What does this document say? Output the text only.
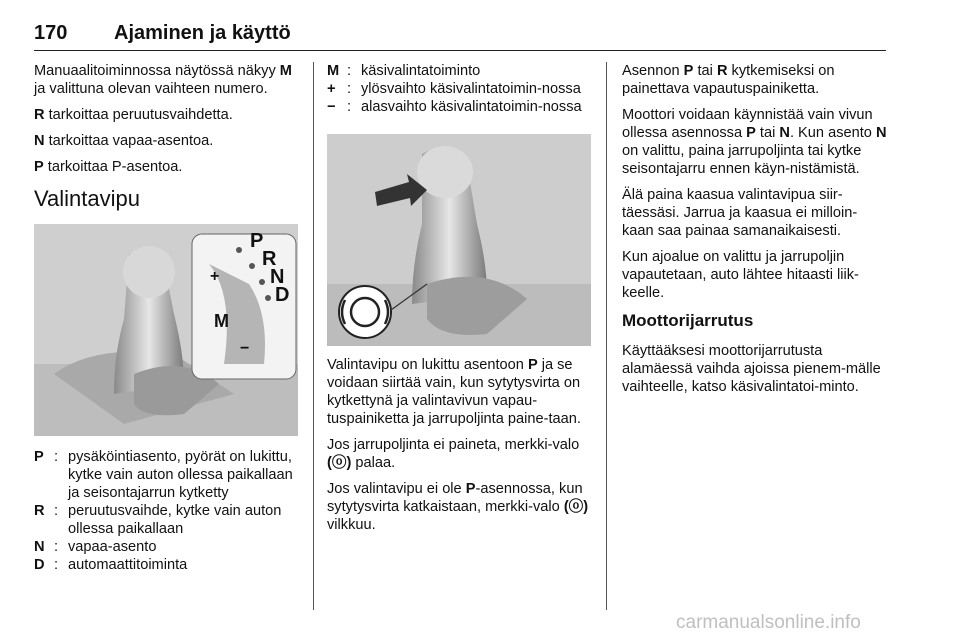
170 Ajaminen ja käyttö

Manuaalitoiminnossa näytössä näkyy M ja valittuna olevan vaihteen numero.

R tarkoittaa peruutusvaihdetta.

N tarkoittaa vapaa-asentoa.

P tarkoittaa P-asentoa.

Valintavipu
P
R
N
D
M
+
−
P : pysäköintiasento, pyörät on lukittu, kytke vain auton ollessa paikallaan ja seisontajarrun kytketty
R : peruutusvaihde, kytke vain auton ollessa paikallaan
N : vapaa-asento
D : automaattitoiminta
M : käsivalintatoiminto
+ : ylösvaihto käsivalintatoimin-nossa
− : alasvaihto käsivalintatoimin-nossa

Valintavipu on lukittu asentoon P ja se voidaan siirtää vain, kun sytytysvirta on kytkettynä ja valintavivun vapau-tuspainiketta ja jarrupoljinta paine-taan.

Jos jarrupoljinta ei paineta, merkki-valo (ⓞ) palaa.

Jos valintavipu ei ole P-asennossa, kun sytytysvirta katkaistaan, merkki-valo (ⓞ) vilkkuu.

Asennon P tai R kytkemiseksi on painettava vapautuspainiketta.

Moottori voidaan käynnistää vain vivun ollessa asennossa P tai N. Kun asento N on valittu, paina jarrupoljinta tai kytke seisontajarru ennen käyn-nistämistä.

Älä paina kaasua valintavipua siir-täessäsi. Jarrua ja kaasua ei milloin-kaan saa painaa samanaikaisesti.

Kun ajoalue on valittu ja jarrupoljin vapautetaan, auto lähtee hitaasti liik-keelle.

Moottorijarrutus

Käyttääksesi moottorijarrutusta alamäessä vaihda ajoissa pienem-mälle vaihteelle, katso käsivalintatoi-minto.

carmanualsonline.info
